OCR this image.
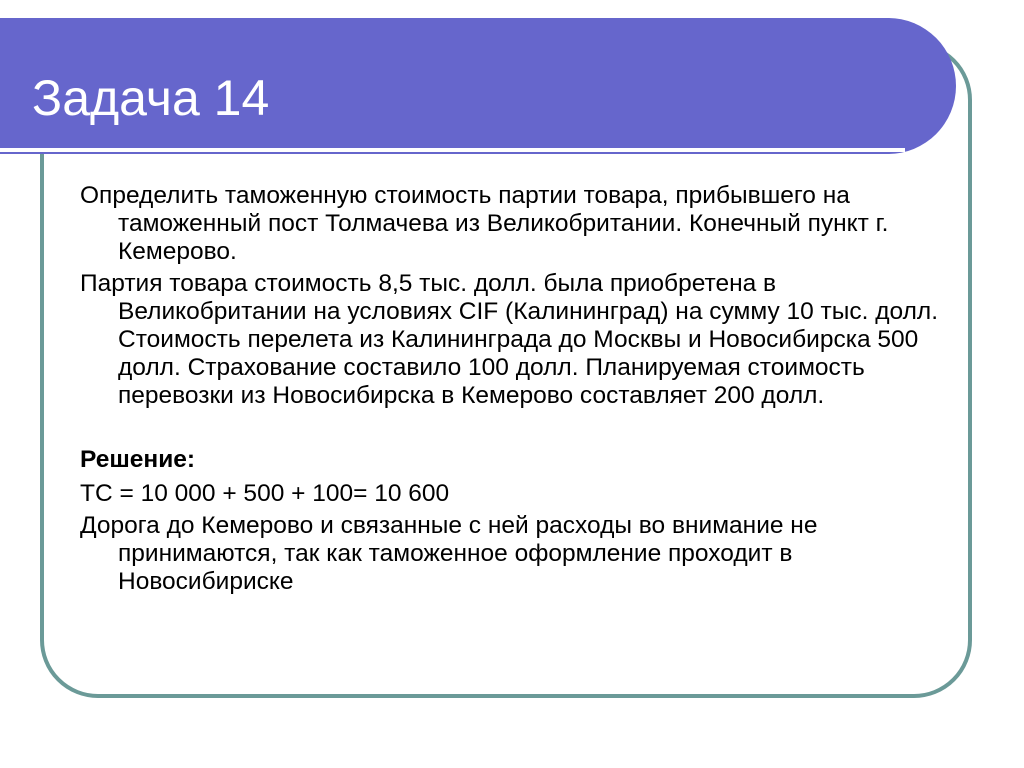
Задача 14

Определить таможенную стоимость партии товара, прибывшего на таможенный пост Толмачева из Великобритании. Конечный пункт г. Кемерово.

Партия товара стоимость 8,5 тыс. долл. была приобретена в Великобритании на условиях CIF (Калининград) на сумму 10 тыс. долл. Стоимость перелета из Калининграда до Москвы и Новосибирска 500 долл. Страхование составило 100 долл. Планируемая стоимость перевозки из Новосибирска в Кемерово составляет 200 долл.

Решение:

ТС = 10 000 + 500 + 100= 10 600

Дорога до Кемерово и связанные с ней расходы во внимание не принимаются, так как таможенное оформление проходит в Новосибириске
